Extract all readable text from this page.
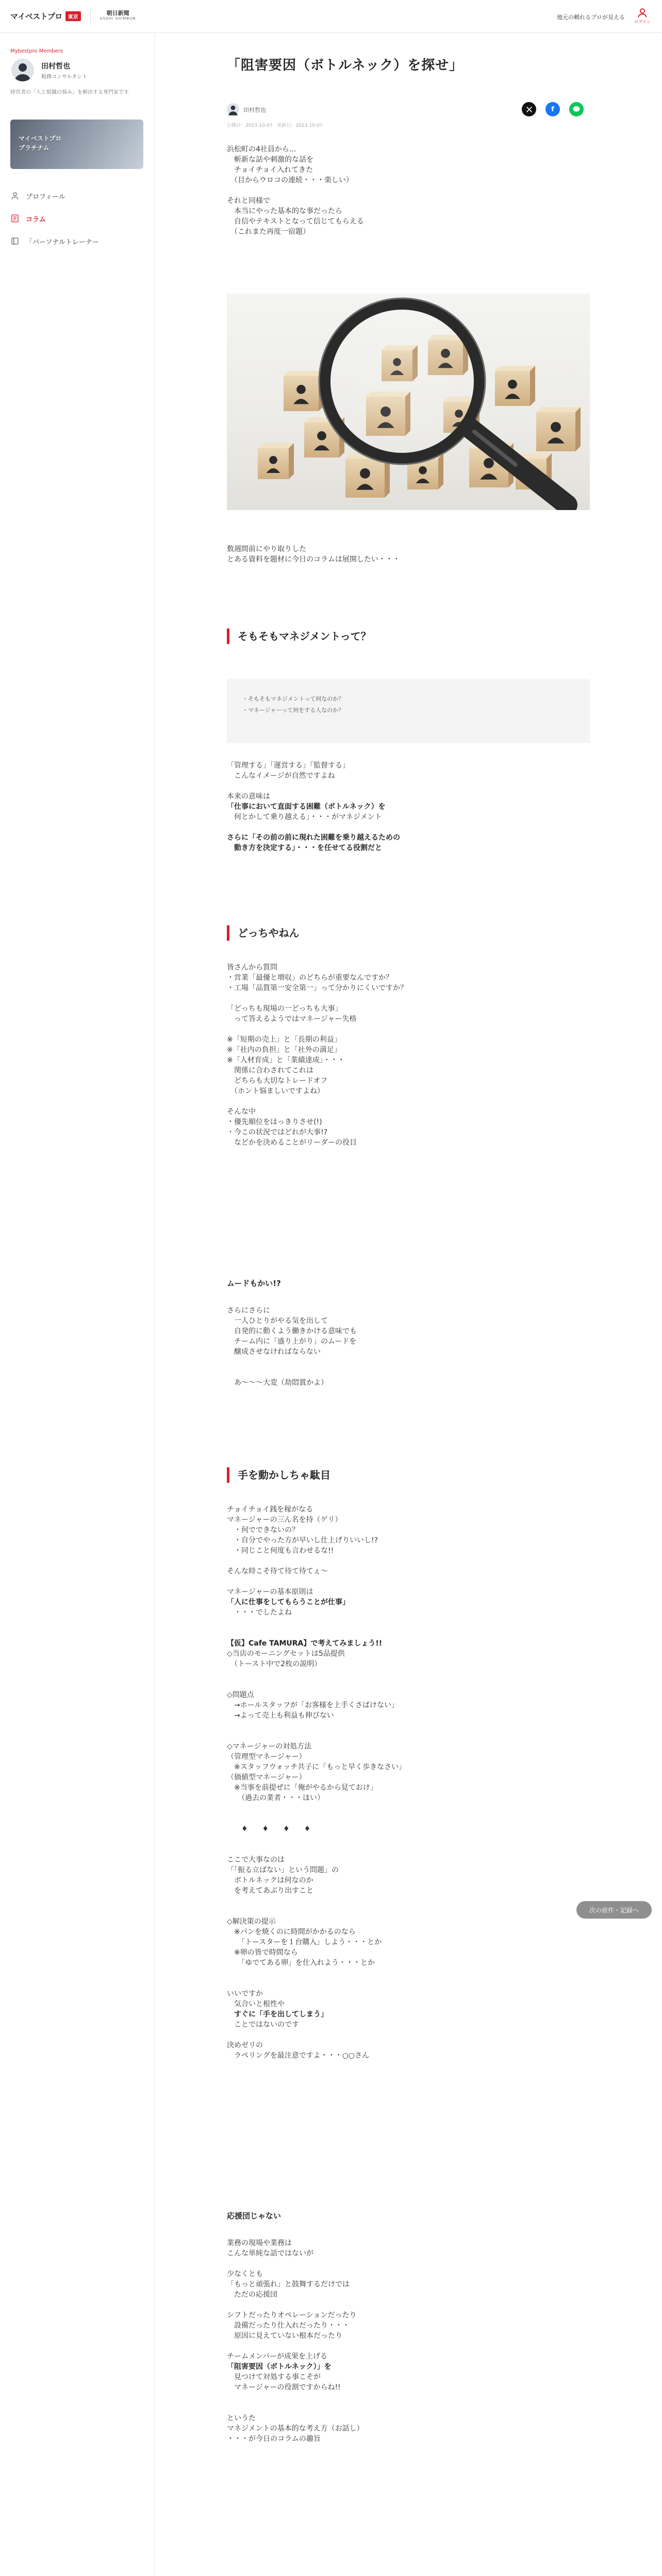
マイベストプロ	東京
朝日新聞
ASAHI SHIMBUN	地元の頼れるプロが見える
ログイン
Mybestpro Members
田村哲也
税務コンサルタント
経営者の「人と組織の悩み」を解決する専門家です
マイベストプロ
プラチナム
プロフィール
コラム
「パーソナルトレーナー
「阻害要因（ボトルネック）を探せ」
田村哲也
公開日：2023-10-07　更新日：2023-10-07
f

浜松町の4社員から...

　斬新な話や刺激的な話を

　チョイチョイ入れてきた

　（目からウロコの連続・・・楽しい）

それと同様で

　本当にやった基本的な事だったら

　自信やテキストとなって信じてもらえる

　（これまた再度一宿題）

数週間前にやり取りした

とある資料を題材に今日のコラムは展開したい・・・

そもそもマネジメントって？
・そもそもマネジメントって何なのか？
・マネージャーって何をする人なのか？

「管理する」「運営する」「監督する」

　こんなイメージが自然ですよね

本来の意味は

「仕事において直面する困難（ボトルネック）を

　何とかして乗り越える」・・・がマネジメント

さらに「その前の前に現れた困難を乗り越えるための

　動き方を決定する」・・・を任せてる役割だと

どっちやねん

皆さんから質問

・営業「最優と増収」のどちらが重要なんですか？

・工場「品質第一安全第一」って分かりにくいですか？

「どっちも現場の一どっちも大事」

　って答えるようではマネージャー失格

※「短期の売上」と「長期の利益」

※「社内の負担」と「社外の満足」

※「人材育成」と「業績達成」・・・

　関係に合わされてこれは

　どちらも大切なトレードオフ

　（ホント悩ましいですよね）

そんな中

・優先順位をはっきりさせ(!)

・今この状況ではどれが大事!?

　などかを決めることがリーダーの役目

ムードもかい!?

さらにさらに

　一人ひとりがやる気を出して

　自発的に動くよう働きかける意味でも

　チーム内に「盛り上がり」のムードを

　醸成させなければならない

　あ〜〜〜大変（劫悶賞かよ）

手を動かしちゃ駄目

チョイチョイ銭を稼がなる

マネージャーの三ん名を持（ゲリ）

　・何でできないの？

　・自分でやった方が早いし仕上げりいいし!?

　・同じこと何度も言わせるな!!

そんな時こそ待て待て待てぇ〜

マネージャーの基本原則は

「人に仕事をしてもらうことが仕事」

　・・・でしたよね

【仮】Cafe TAMURA】で考えてみましょう!!

◇当店のモーニングセットは5品提供

　（トースト中で2枚の説明）

◇問題点

　→ホールスタッフが「お客様を上手くさばけない」

　→よって売上も利益も伸びない

◇マネージャーの対処方法

（管理型マネージャー）

　※スタッフウォッチ共子に「もっと早く歩きなさい」

（価値型マネージャー）

　※当事を前提ぜに「俺がやるから見ておけ」

　　（過去の業者・・・ほい）

　　♦　　♦　　♦　　♦

ここで大事なのは

「「振る立ばない」という問題」の

　ボトルネックは何なのか

　を考えてあぶり出すこと

◇解決策の提示

　※パンを焼くのに時間がかかるのなら

　　「トースターを１台購入」しよう・・・とか

　※卵の皆で時間なら

　　「ゆでてある卵」を仕入れよう・・・とか

いいですか

　気合いと根性や

　すぐに「手を出してしまう」

　ことではないのです

決めゼリの

　ラペリングを最注意ですよ・・・○○さん

応援団じゃない

業務の現場や業務は

こんな単純な話ではないが

少なくとも

「もっと頑張れ」と鼓舞するだけでは

　ただの応援団

シフトだったりオペレーションだったり

　設備だったり仕入れだったり・・・

　原因に見えていない根本だったり

チームメンバーが成果を上げる

「阻害要因（ボトルネック）」を

　見つけて対処する事こそが

　マネージャーの役割ですからね!!

というた

マネジメントの基本的な考え方（お話し）

・・・が今日のコラムの趣旨

次の前件・記録へ
